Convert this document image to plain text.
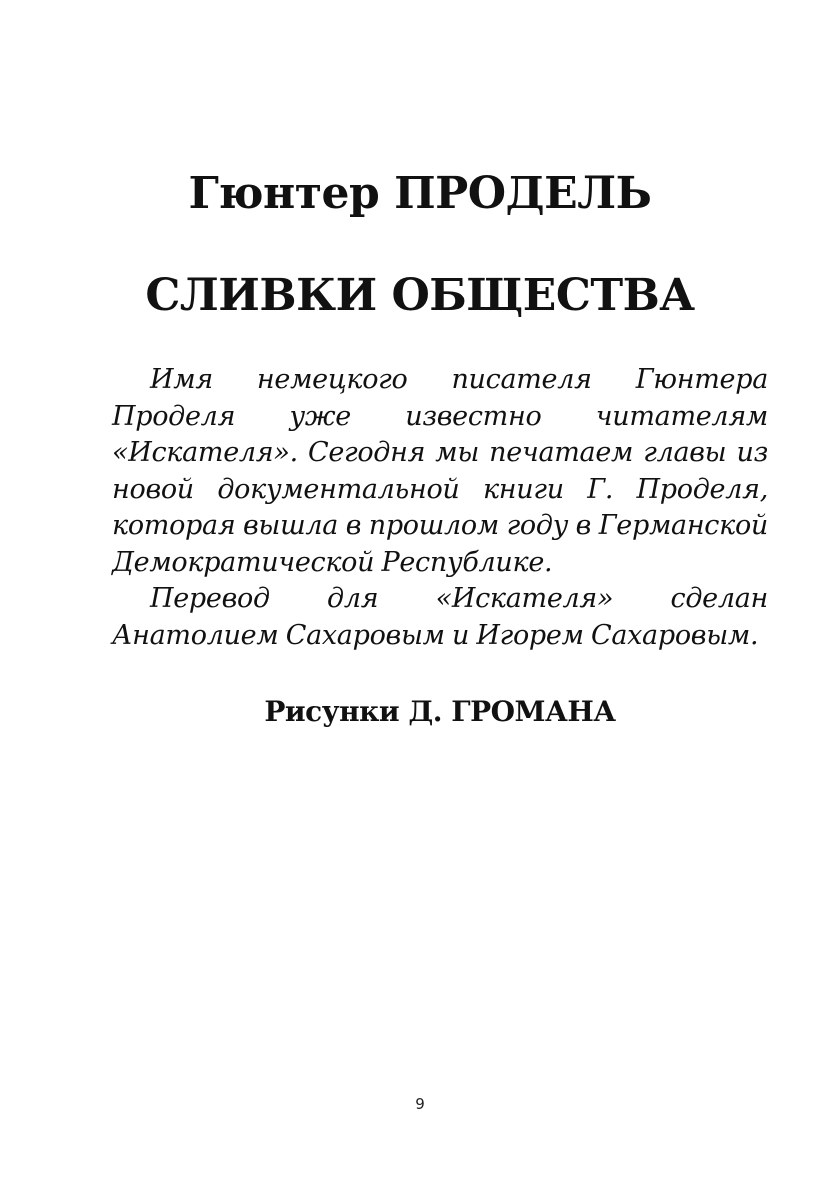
Гюнтер ПРОДЕЛЬ
СЛИВКИ ОБЩЕСТВА

Имя немецкого писателя Гюнтера Проделя уже известно читателям «Искателя». Сегодня мы печатаем главы из новой документальной книги Г. Проделя, которая вышла в прошлом году в Германской Демократической Республике.

Перевод для «Искателя» сделан Анатолием Сахаровым и Игорем Сахаровым.

Рисунки Д. ГРОМАНА
9
